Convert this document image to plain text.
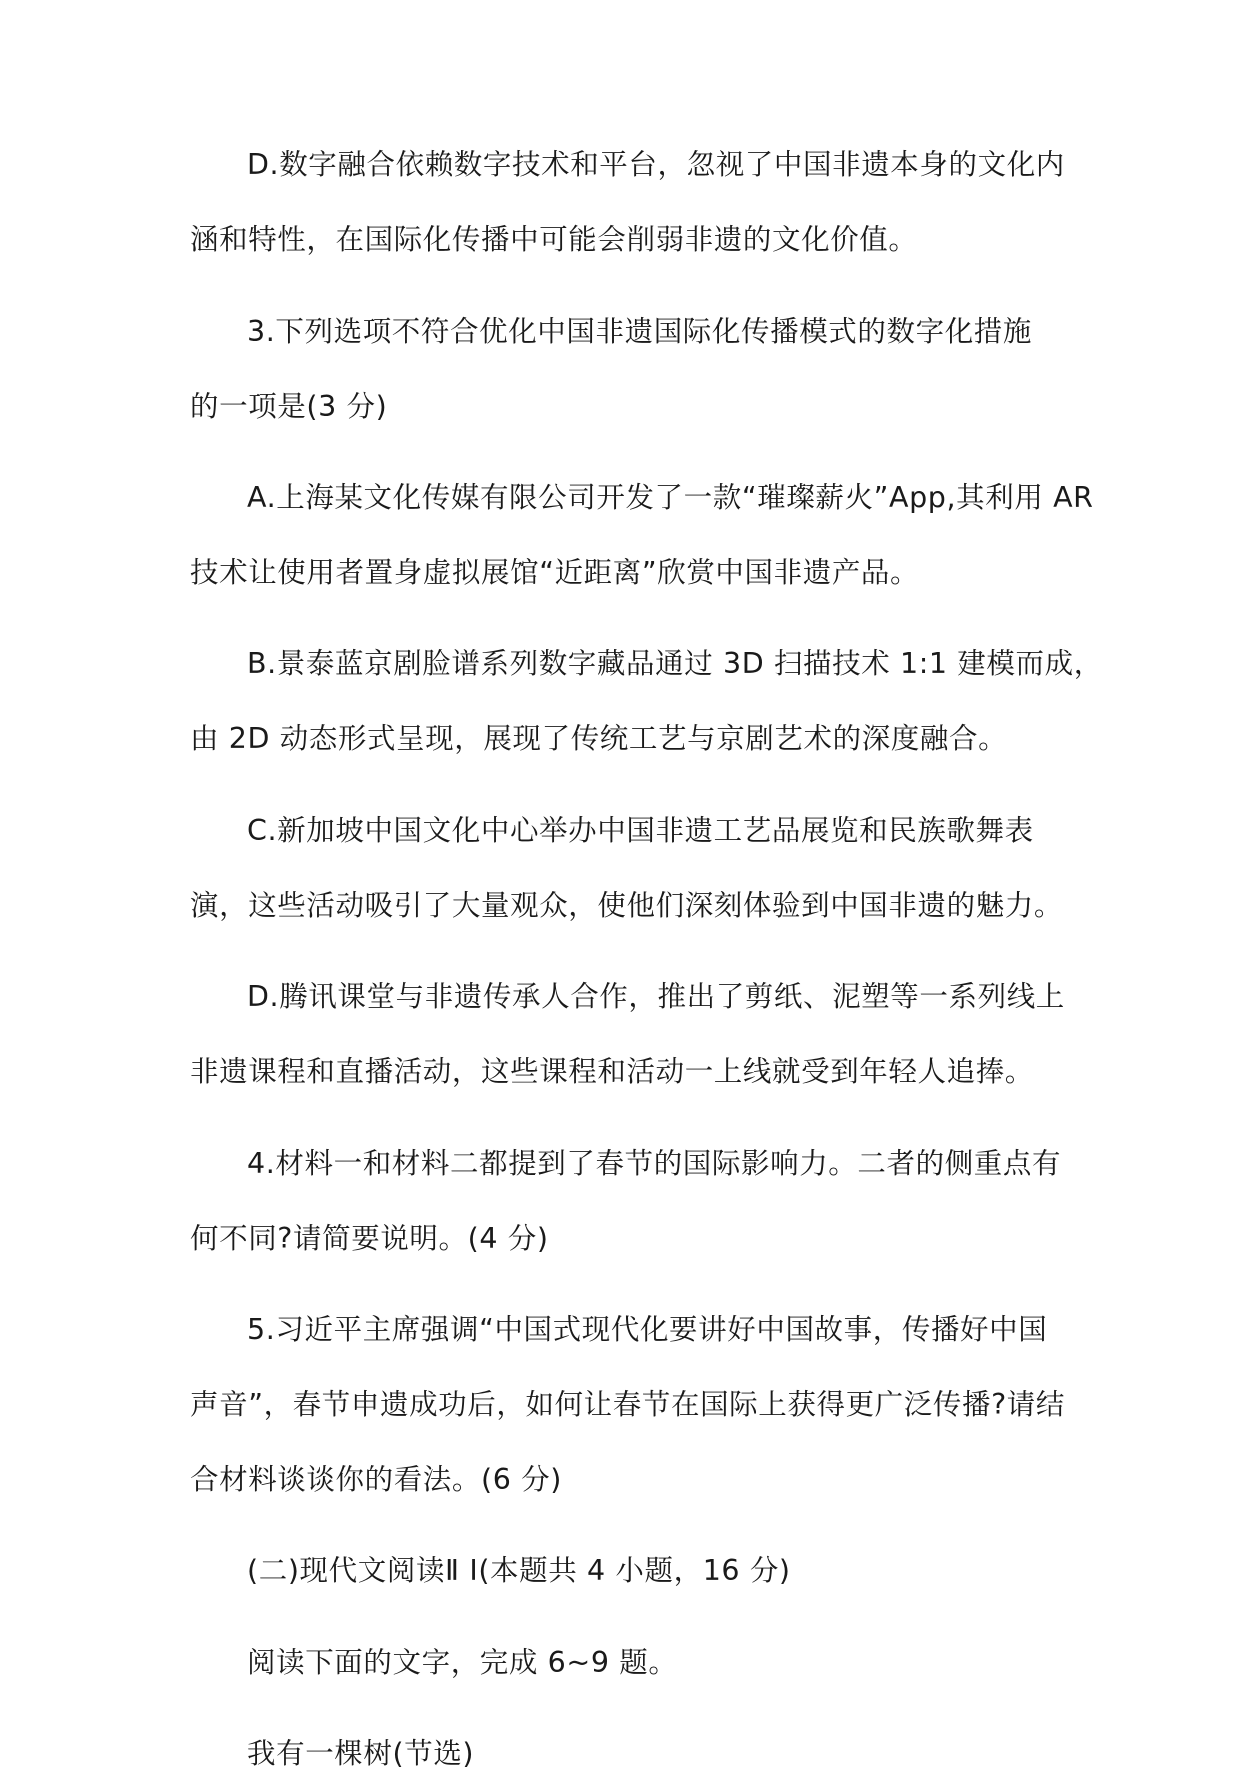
D.数字融合依赖数字技术和平台，忽视了中国非遗本身的文化内
涵和特性，在国际化传播中可能会削弱非遗的文化价值。
3.下列选项不符合优化中国非遗国际化传播模式的数字化措施
的一项是(3 分)
A.上海某文化传媒有限公司开发了一款“璀璨薪火”App,其利用 AR
技术让使用者置身虚拟展馆“近距离”欣赏中国非遗产品。
B.景泰蓝京剧脸谱系列数字藏品通过 3D 扫描技术 1:1 建模而成，
由 2D 动态形式呈现，展现了传统工艺与京剧艺术的深度融合。
C.新加坡中国文化中心举办中国非遗工艺品展览和民族歌舞表
演，这些活动吸引了大量观众，使他们深刻体验到中国非遗的魅力。
D.腾讯课堂与非遗传承人合作，推出了剪纸、泥塑等一系列线上
非遗课程和直播活动，这些课程和活动一上线就受到年轻人追捧。
4.材料一和材料二都提到了春节的国际影响力。二者的侧重点有
何不同?请简要说明。(4 分)
5.习近平主席强调“中国式现代化要讲好中国故事，传播好中国
声音”，春节申遗成功后，如何让春节在国际上获得更广泛传播?请结
合材料谈谈你的看法。(6 分)
(二)现代文阅读Ⅱ I(本题共 4 小题，16 分)
阅读下面的文字，完成 6~9 题。
我有一棵树(节选)
